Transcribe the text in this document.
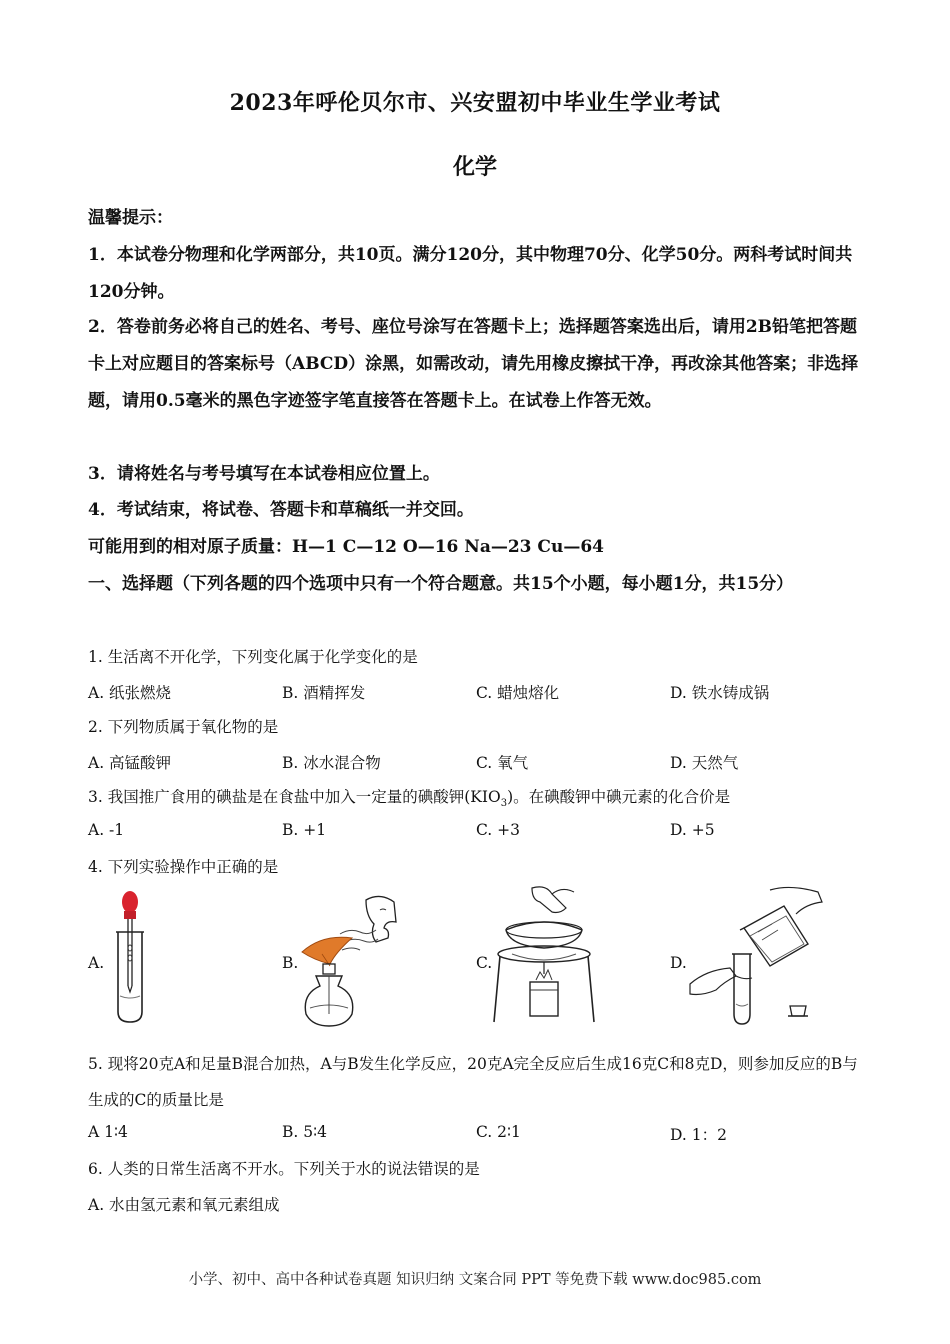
2023年呼伦贝尔市、兴安盟初中毕业生学业考试
化学
温馨提示：
1．本试卷分物理和化学两部分，共10页。满分120分，其中物理70分、化学50分。两科考试时间共120分钟。
2．答卷前务必将自己的姓名、考号、座位号涂写在答题卡上；选择题答案选出后，请用2B铅笔把答题卡上对应题目的答案标号（ABCD）涂黑，如需改动，请先用橡皮擦拭干净，再改涂其他答案；非选择题，请用0.5毫米的黑色字迹签字笔直接答在答题卡上。在试卷上作答无效。
3．请将姓名与考号填写在本试卷相应位置上。
4．考试结束，将试卷、答题卡和草稿纸一并交回。
可能用到的相对原子质量：H—1 C—12 O—16 Na—23 Cu—64
一、选择题（下列各题的四个选项中只有一个符合题意。共15个小题，每小题1分，共15分）
1. 生活离不开化学，下列变化属于化学变化的是
A. 纸张燃烧	B. 酒精挥发	C. 蜡烛熔化	D. 铁水铸成锅
2. 下列物质属于氧化物的是
A. 高锰酸钾	B. 冰水混合物	C. 氧气	D. 天然气
3. 我国推广食用的碘盐是在食盐中加入一定量的碘酸钾$(KIO_3)$。在碘酸钾中碘元素的化合价是
A. -1	B. +1	C. +3	D. +5
4. 下列实验操作中正确的是
A.	B.	C.	D.
5. 现将20克A和足量B混合加热，A与B发生化学反应，20克A完全反应后生成16克C和8克D，则参加反应的B与生成的C的质量比是
A 1∶4	B. 5∶4	C. 2∶1	D. 1：2
6. 人类的日常生活离不开水。下列关于水的说法错误的是
A. 水由氢元素和氧元素组成
小学、初中、高中各种试卷真题 知识归纳 文案合同 PPT 等免费下载 www.doc985.com
